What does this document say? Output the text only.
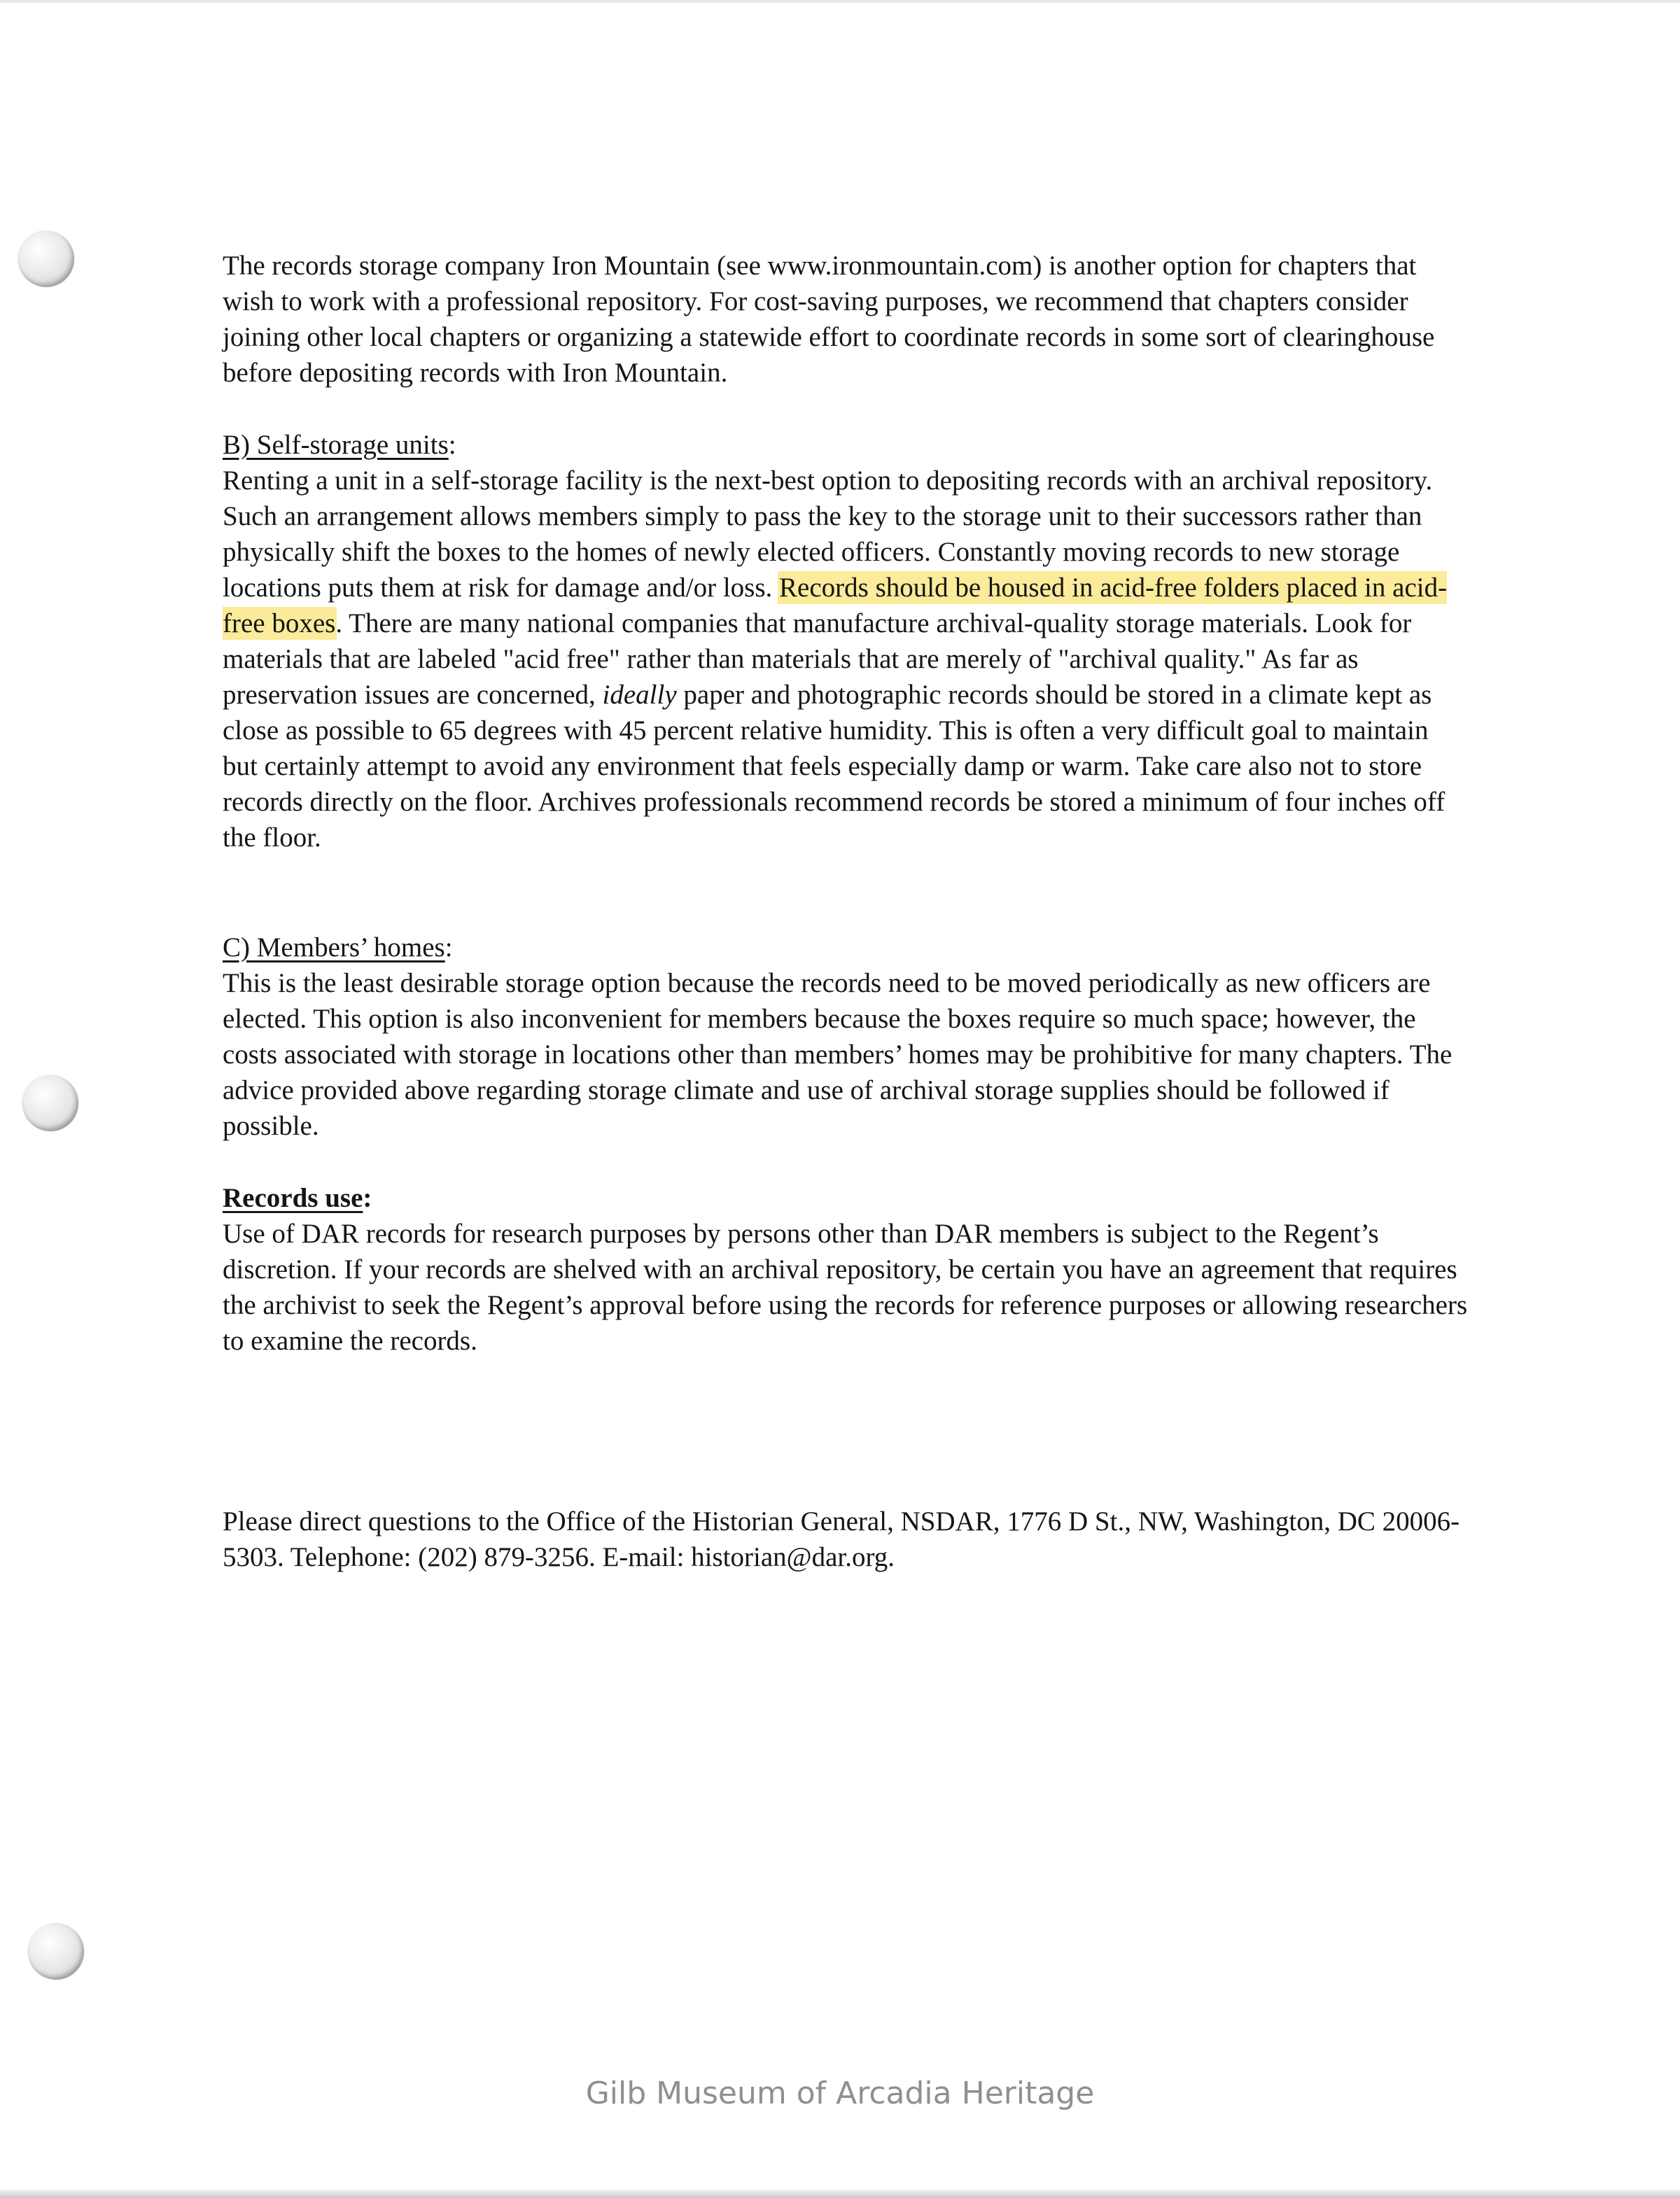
The records storage company Iron Mountain (see www.ironmountain.com) is another option for chapters that wish to work with a professional repository. For cost-saving purposes, we recommend that chapters consider joining other local chapters or organizing a statewide effort to coordinate records in some sort of clearinghouse before depositing records with Iron Mountain.

B) Self-storage units:

Renting a unit in a self-storage facility is the next-best option to depositing records with an archival repository. Such an arrangement allows members simply to pass the key to the storage unit to their successors rather than physically shift the boxes to the homes of newly elected officers. Constantly moving records to new storage locations puts them at risk for damage and/or loss. Records should be housed in acid-free folders placed in acid-free boxes. There are many national companies that manufacture archival-quality storage materials. Look for materials that are labeled "acid free" rather than materials that are merely of "archival quality." As far as preservation issues are concerned, ideally paper and photographic records should be stored in a climate kept as close as possible to 65 degrees with 45 percent relative humidity. This is often a very difficult goal to maintain but certainly attempt to avoid any environment that feels especially damp or warm. Take care also not to store records directly on the floor. Archives professionals recommend records be stored a minimum of four inches off the floor.

C) Members’ homes:

This is the least desirable storage option because the records need to be moved periodically as new officers are elected. This option is also inconvenient for members because the boxes require so much space; however, the costs associated with storage in locations other than members’ homes may be prohibitive for many chapters. The advice provided above regarding storage climate and use of archival storage supplies should be followed if possible.

Records use:

Use of DAR records for research purposes by persons other than DAR members is subject to the Regent’s discretion. If your records are shelved with an archival repository, be certain you have an agreement that requires the archivist to seek the Regent’s approval before using the records for reference purposes or allowing researchers to examine the records.

Please direct questions to the Office of the Historian General, NSDAR, 1776 D St., NW, Washington, DC 20006-5303. Telephone: (202) 879-3256. E-mail: historian@dar.org.

Gilb Museum of Arcadia Heritage
